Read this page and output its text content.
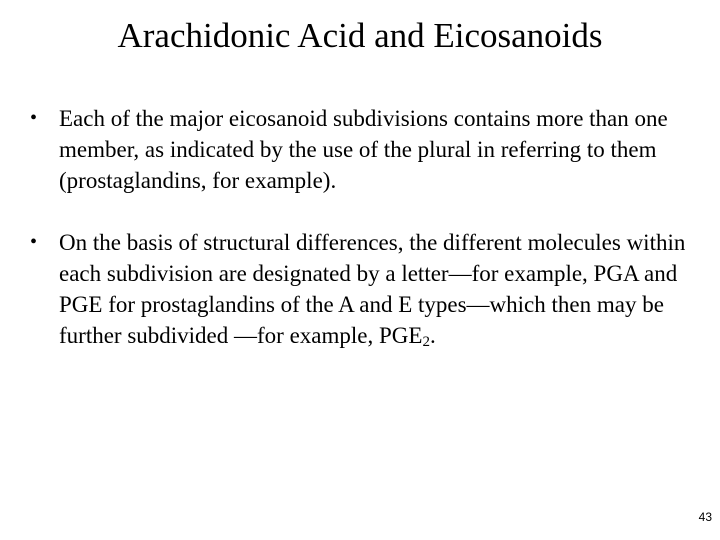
Arachidonic Acid and Eicosanoids
• Each of the major eicosanoid subdivisions contains more than one member, as indicated by the use of the plural in referring to them (prostaglandins, for example).
• On the basis of structural differences, the different molecules within each subdivision are designated by a letter—for example, PGA and PGE for prostaglandins of the A and E types—which then may be further subdivided —for example, $PGE_2$.
43
